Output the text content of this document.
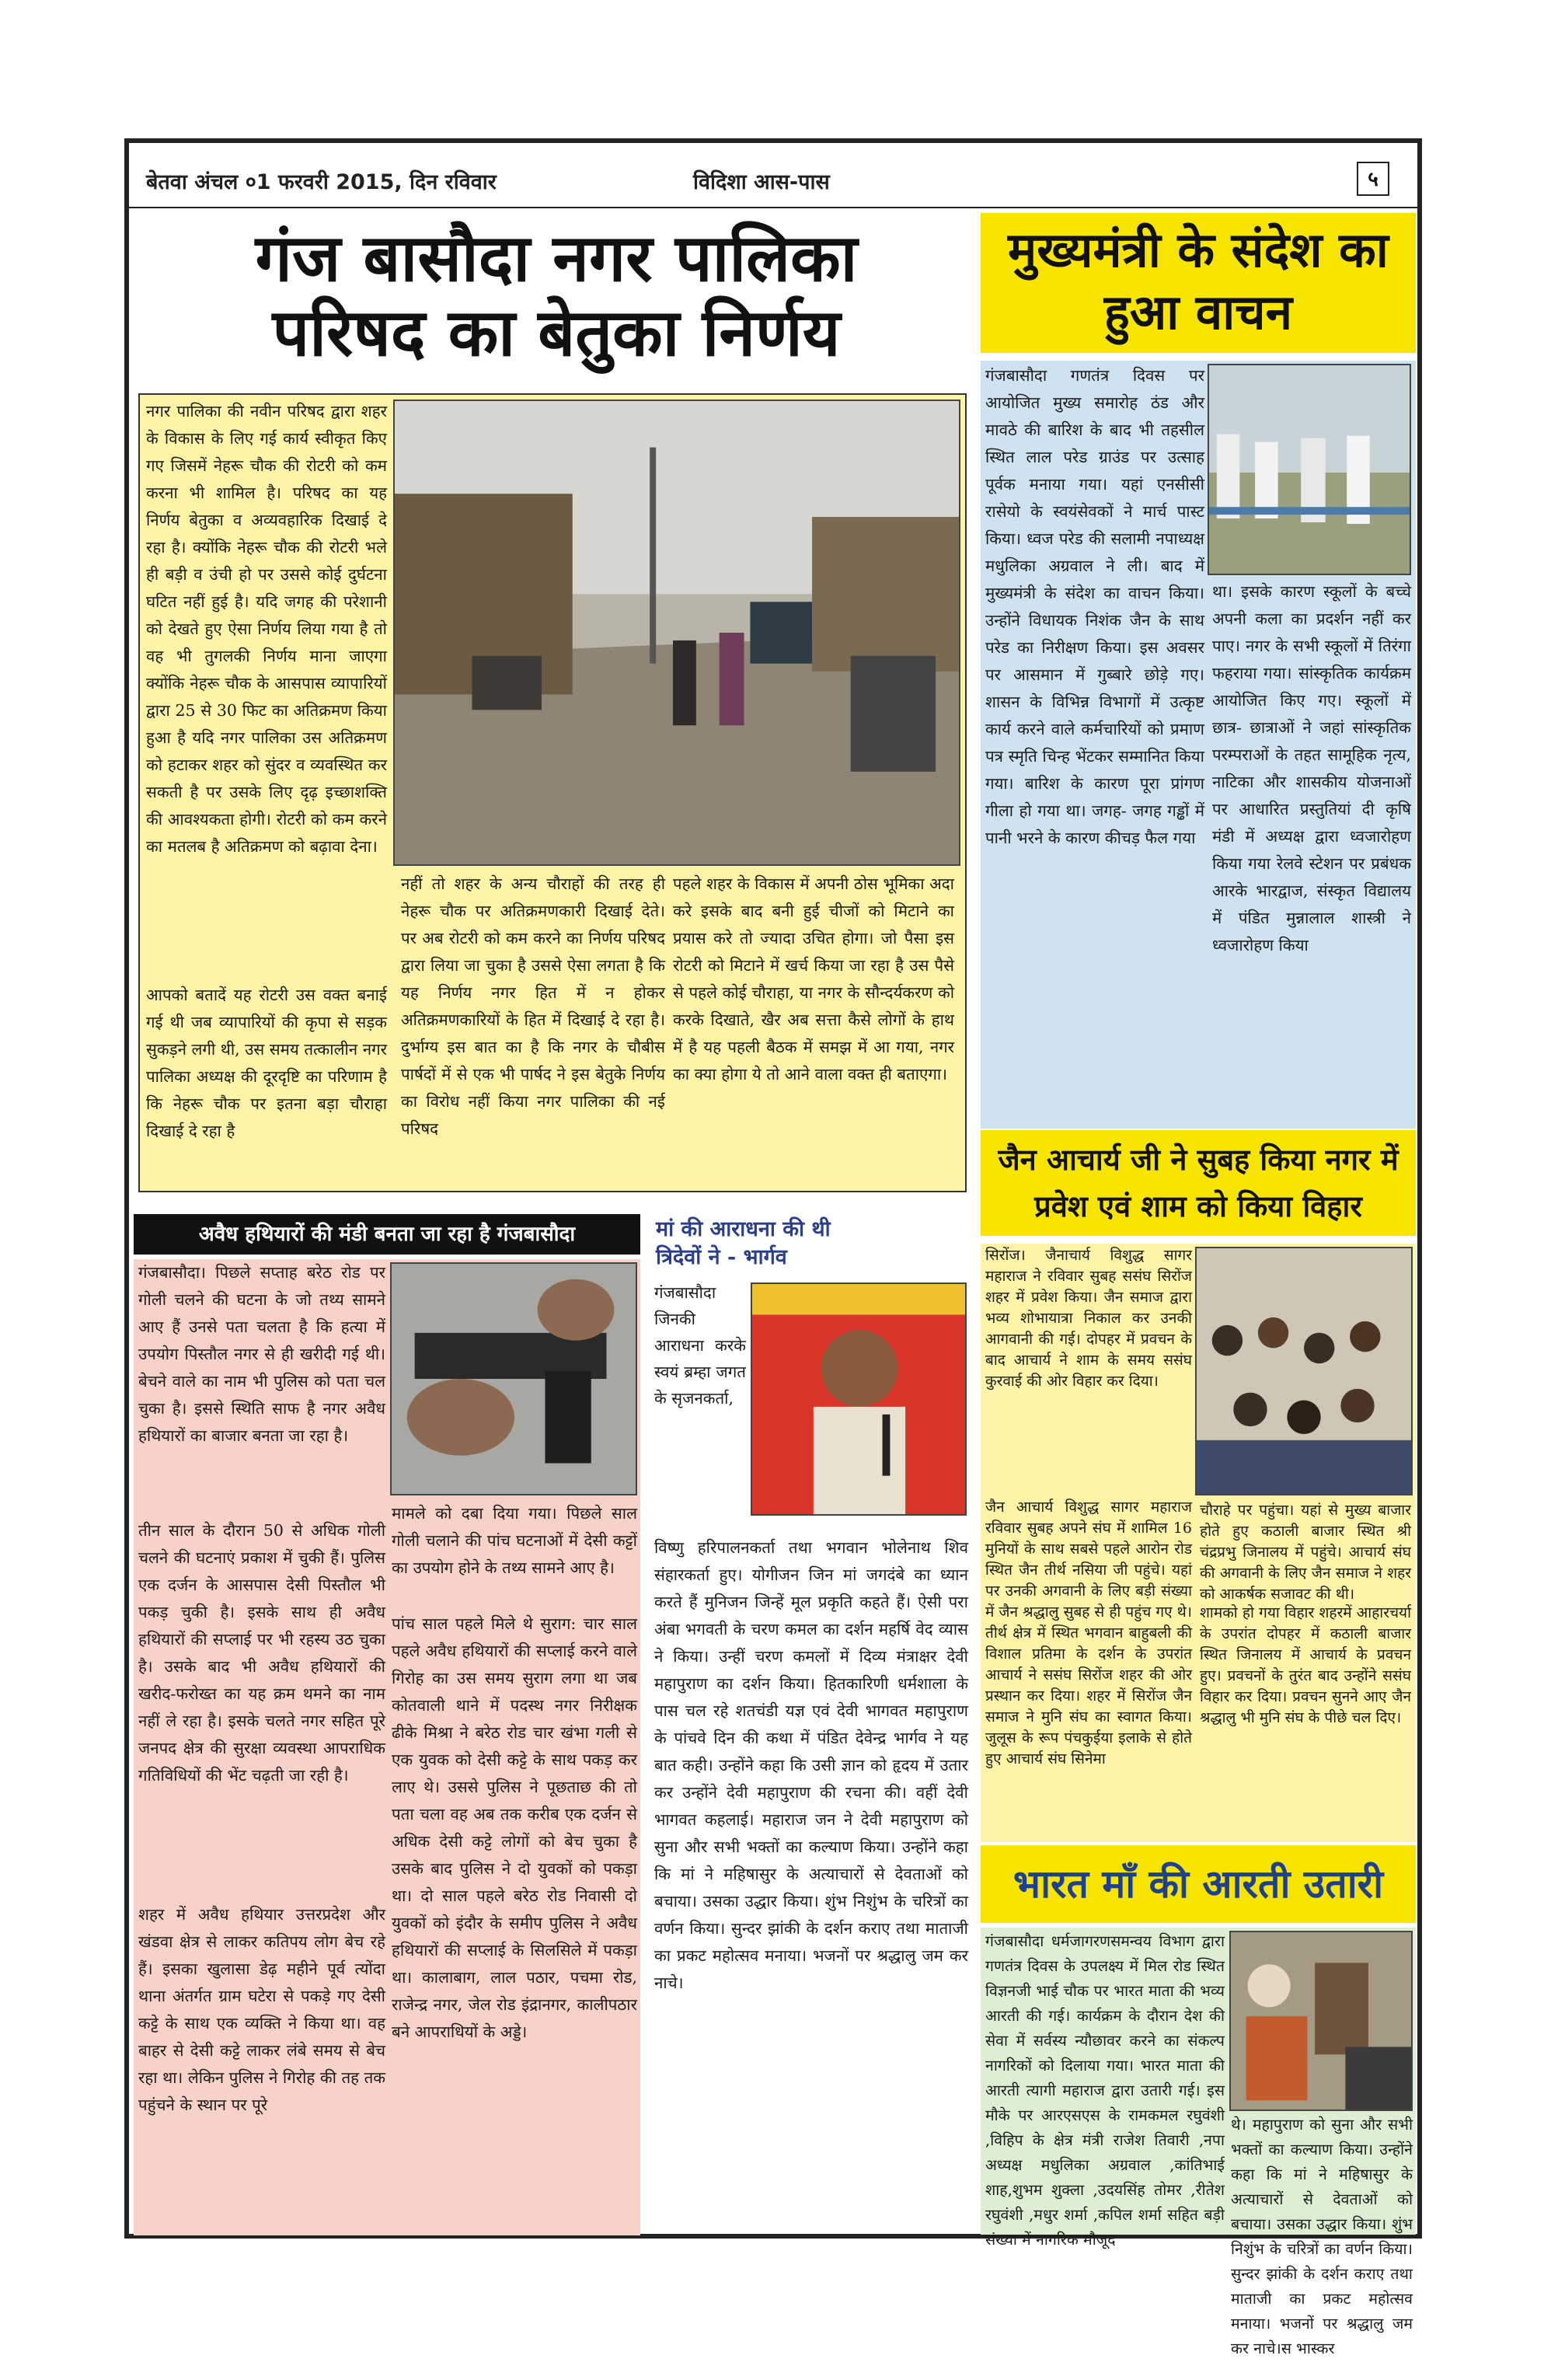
बेतवा अंचल ०1 फरवरी 2015, दिन रविवार	विदिशा आस-पास	५
गंज बासौदा नगर पालिका
परिषद का बेतुका निर्णय
नगर पालिका की नवीन परिषद द्वारा शहर के विकास के लिए गई कार्य स्वीकृत किए गए जिसमें नेहरू चौक की रोटरी को कम करना भी शामिल है। परिषद का यह निर्णय बेतुका व अव्यवहारिक दिखाई दे रहा है। क्योंकि नेहरू चौक की रोटरी भले ही बड़ी व उंची हो पर उससे कोई दुर्घटना घटित नहीं हुई है। यदि जगह की परेशानी को देखते हुए ऐसा निर्णय लिया गया है तो वह भी तुगलकी निर्णय माना जाएगा क्योंकि नेहरू चौक के आसपास व्यापारियों द्वारा 25 से 30 फिट का अतिक्रमण किया हुआ है यदि नगर पालिका उस अतिक्रमण को हटाकर शहर को सुंदर व व्यवस्थित कर सकती है पर उसके लिए दृढ़ इच्छाशक्ति की आवश्यकता होगी। रोटरी को कम करने का मतलब है अतिक्रमण को बढ़ावा देना।
आपको बतादें यह रोटरी उस वक्त बनाई गई थी जब व्यापारियों की कृपा से सड़क सुकड़ने लगी थी, उस समय तत्कालीन नगर पालिका अध्यक्ष की दूरदृष्टि का परिणाम है कि नेहरू चौक पर इतना बड़ा चौराहा दिखाई दे रहा है
नहीं तो शहर के अन्य चौराहों की तरह ही नेहरू चौक पर अतिक्रमणकारी दिखाई देते। पर अब रोटरी को कम करने का निर्णय परिषद द्वारा लिया जा चुका है उससे ऐसा लगता है कि यह निर्णय नगर हित में न होकर अतिक्रमणकारियों के हित में दिखाई दे रहा है। दुर्भाग्य इस बात का है कि नगर के चौबीस पार्षदों में से एक भी पार्षद ने इस बेतुके निर्णय का विरोध नहीं किया नगर पालिका की नई परिषद
पहले शहर के विकास में अपनी ठोस भूमिका अदा करे इसके बाद बनी हुई चीजों को मिटाने का प्रयास करे तो ज्यादा उचित होगा। जो पैसा इस रोटरी को मिटाने में खर्च किया जा रहा है उस पैसे से पहले कोई चौराहा, या नगर के सौन्दर्यकरण को करके दिखाते, खैर अब सत्ता कैसे लोगों के हाथ में है यह पहली बैठक में समझ में आ गया, नगर का क्या होगा ये तो आने वाला वक्त ही बताएगा।
मुख्यमंत्री के संदेश का
हुआ वाचन
गंजबासौदा गणतंत्र दिवस पर आयोजित मुख्य समारोह ठंड और मावठे की बारिश के बाद भी तहसील स्थित लाल परेड ग्राउंड पर उत्साह पूर्वक मनाया गया। यहां एनसीसी रासेयो के स्वयंसेवकों ने मार्च पास्ट किया। ध्वज परेड की सलामी नपाध्यक्ष मधुलिका अग्रवाल ने ली। बाद में मुख्यमंत्री के संदेश का वाचन किया। उन्होंने विधायक निशंक जैन के साथ परेड का निरीक्षण किया। इस अवसर पर आसमान में गुब्बारे छोड़े गए। शासन के विभिन्न विभागों में उत्कृष्ट कार्य करने वाले कर्मचारियों को प्रमाण पत्र स्मृति चिन्ह भेंटकर सम्मानित किया गया। बारिश के कारण पूरा प्रांगण गीला हो गया था। जगह- जगह गड्ढों में पानी भरने के कारण कीचड़ फैल गया
था। इसके कारण स्कूलों के बच्चे अपनी कला का प्रदर्शन नहीं कर पाए। नगर के सभी स्कूलों में तिरंगा फहराया गया। सांस्कृतिक कार्यक्रम आयोजित किए गए। स्कूलों में छात्र- छात्राओं ने जहां सांस्कृतिक परम्पराओं के तहत सामूहिक नृत्य, नाटिका और शासकीय योजनाओं पर आधारित प्रस्तुतियां दी कृषि मंडी में अध्यक्ष द्वारा ध्वजारोहण किया गया रेलवे स्टेशन पर प्रबंधक आरके भारद्वाज, संस्कृत विद्यालय में पंडित मुन्नालाल शास्त्री ने ध्वजारोहण किया
जैन आचार्य जी ने सुबह किया नगर में
प्रवेश एवं शाम को किया विहार
सिरोंज। जैनाचार्य विशुद्ध सागर महाराज ने रविवार सुबह ससंघ सिरोंज शहर में प्रवेश किया। जैन समाज द्वारा भव्य शोभायात्रा निकाल कर उनकी आगवानी की गई। दोपहर में प्रवचन के बाद आचार्य ने शाम के समय ससंघ कुरवाई की ओर विहार कर दिया।
जैन आचार्य विशुद्ध सागर महाराज रविवार सुबह अपने संघ में शामिल 16 मुनियों के साथ सबसे पहले आरोन रोड स्थित जैन तीर्थ नसिया जी पहुंचे। यहां पर उनकी अगवानी के लिए बड़ी संख्या में जैन श्रद्धालु सुबह से ही पहुंच गए थे। तीर्थ क्षेत्र में स्थित भगवान बाहुबली की विशाल प्रतिमा के दर्शन के उपरांत आचार्य ने ससंघ सिरोंज शहर की ओर प्रस्थान कर दिया। शहर में सिरोंज जैन समाज ने मुनि संघ का स्वागत किया। जुलूस के रूप पंचकुईया इलाके से होते हुए आचार्य संघ सिनेमा
चौराहे पर पहुंचा। यहां से मुख्य बाजार होते हुए कठाली बाजार स्थित श्री चंद्रप्रभु जिनालय में पहुंचे। आचार्य संघ की अगवानी के लिए जैन समाज ने शहर को आकर्षक सजावट की थी।
शामको हो गया विहार शहरमें आहारचर्या के उपरांत दोपहर में कठाली बाजार स्थित जिनालय में आचार्य के प्रवचन हुए। प्रवचनों के तुरंत बाद उन्होंने ससंघ विहार कर दिया। प्रवचन सुनने आए जैन श्रद्धालु भी मुनि संघ के पीछे चल दिए।
भारत माँ की आरती उतारी
गंजबासौदा धर्मजागरणसमन्वय विभाग द्वारा गणतंत्र दिवस के उपलक्ष्य में मिल रोड स्थित विज्ञनजी भाई चौक पर भारत माता की भव्य आरती की गई। कार्यक्रम के दौरान देश की सेवा में सर्वस्य न्यौछावर करने का संकल्प नागरिकों को दिलाया गया। भारत माता की आरती त्यागी महाराज द्वारा उतारी गई। इस मौके पर आरएसएस के रामकमल रघुवंशी ,विहिप के क्षेत्र मंत्री राजेश तिवारी ,नपा अध्यक्ष मधुलिका अग्रवाल ,कांतिभाई शाह,शुभम शुक्ला ,उदयसिंह तोमर ,रीतेश रघुवंशी ,मधुर शर्मा ,कपिल शर्मा सहित बड़ी संख्या में नागरिक मौजूद
थे। महापुराण को सुना और सभी भक्तों का कल्याण किया। उन्होंने कहा कि मां ने महिषासुर के अत्याचारों से देवताओं को बचाया। उसका उद्धार किया। शुंभ निशुंभ के चरित्रों का वर्णन किया। सुन्दर झांकी के दर्शन कराए तथा माताजी का प्रकट महोत्सव मनाया। भजनों पर श्रद्धालु जम कर नाचे।स भास्कर
अवैध हथियारों की मंडी बनता जा रहा है गंजबासौदा
गंजबासौदा। पिछले सप्ताह बरेठ रोड पर गोली चलने की घटना के जो तथ्य सामने आए हैं उनसे पता चलता है कि हत्या में उपयोग पिस्तौल नगर से ही खरीदी गई थी। बेचने वाले का नाम भी पुलिस को पता चल चुका है। इससे स्थिति साफ है नगर अवैध हथियारों का बाजार बनता जा रहा है।
तीन साल के दौरान 50 से अधिक गोली चलने की घटनाएं प्रकाश में चुकी हैं। पुलिस एक दर्जन के आसपास देसी पिस्तौल भी पकड़ चुकी है। इसके साथ ही अवैध हथियारों की सप्लाई पर भी रहस्य उठ चुका है। उसके बाद भी अवैध हथियारों की खरीद-फरोख्त का यह क्रम थमने का नाम नहीं ले रहा है। इसके चलते नगर सहित पूरे जनपद क्षेत्र की सुरक्षा व्यवस्था आपराधिक गतिविधियों की भेंट चढ़ती जा रही है।
शहर में अवैध हथियार उत्तरप्रदेश और खंडवा क्षेत्र से लाकर कतिपय लोग बेच रहे हैं। इसका खुलासा डेढ़ महीने पूर्व त्योंदा थाना अंतर्गत ग्राम घटेरा से पकड़े गए देसी कट्टे के साथ एक व्यक्ति ने किया था। वह बाहर से देसी कट्टे लाकर लंबे समय से बेच रहा था। लेकिन पुलिस ने गिरोह की तह तक पहुंचने के स्थान पर पूरे
मामले को दबा दिया गया। पिछले साल गोली चलाने की पांच घटनाओं में देसी कट्टों का उपयोग होने के तथ्य सामने आए है।
पांच साल पहले मिले थे सुराग: चार साल पहले अवैध हथियारों की सप्लाई करने वाले गिरोह का उस समय सुराग लगा था जब कोतवाली थाने में पदस्थ नगर निरीक्षक ढीके मिश्रा ने बरेठ रोड चार खंभा गली से एक युवक को देसी कट्टे के साथ पकड़ कर लाए थे। उससे पुलिस ने पूछताछ की तो पता चला वह अब तक करीब एक दर्जन से अधिक देसी कट्टे लोगों को बेच चुका है उसके बाद पुलिस ने दो युवकों को पकड़ा था। दो साल पहले बरेठ रोड निवासी दो युवकों को इंदौर के समीप पुलिस ने अवैध हथियारों की सप्लाई के सिलसिले में पकड़ा था। कालाबाग, लाल पठार, पचमा रोड, राजेन्द्र नगर, जेल रोड इंद्रानगर, कालीपठार बने आपराधियों के अड्डे।
मां की आराधना की थी
त्रिदेवों ने - भार्गव
गंजबासौदा जिनकी आराधना करके स्वयं ब्रम्हा जगत के सृजनकर्ता,
विष्णु हरिपालनकर्ता तथा भगवान भोलेनाथ शिव संहारकर्ता हुए। योगीजन जिन मां जगदंबे का ध्यान करते हैं मुनिजन जिन्हें मूल प्रकृति कहते हैं। ऐसी परा अंबा भगवती के चरण कमल का दर्शन महर्षि वेद व्यास ने किया। उन्हीं चरण कमलों में दिव्य मंत्राक्षर देवी महापुराण का दर्शन किया। हितकारिणी धर्मशाला के पास चल रहे शतचंडी यज्ञ एवं देवी भागवत महापुराण के पांचवे दिन की कथा में पंडित देवेन्द्र भार्गव ने यह बात कही। उन्होंने कहा कि उसी ज्ञान को हृदय में उतार कर उन्होंने देवी महापुराण की रचना की। वहीं देवी भागवत कहलाई। महाराज जन ने देवी महापुराण को सुना और सभी भक्तों का कल्याण किया। उन्होंने कहा कि मां ने महिषासुर के अत्याचारों से देवताओं को बचाया। उसका उद्धार किया। शुंभ निशुंभ के चरित्रों का वर्णन किया। सुन्दर झांकी के दर्शन कराए तथा माताजी का प्रकट महोत्सव मनाया। भजनों पर श्रद्धालु जम कर नाचे।
